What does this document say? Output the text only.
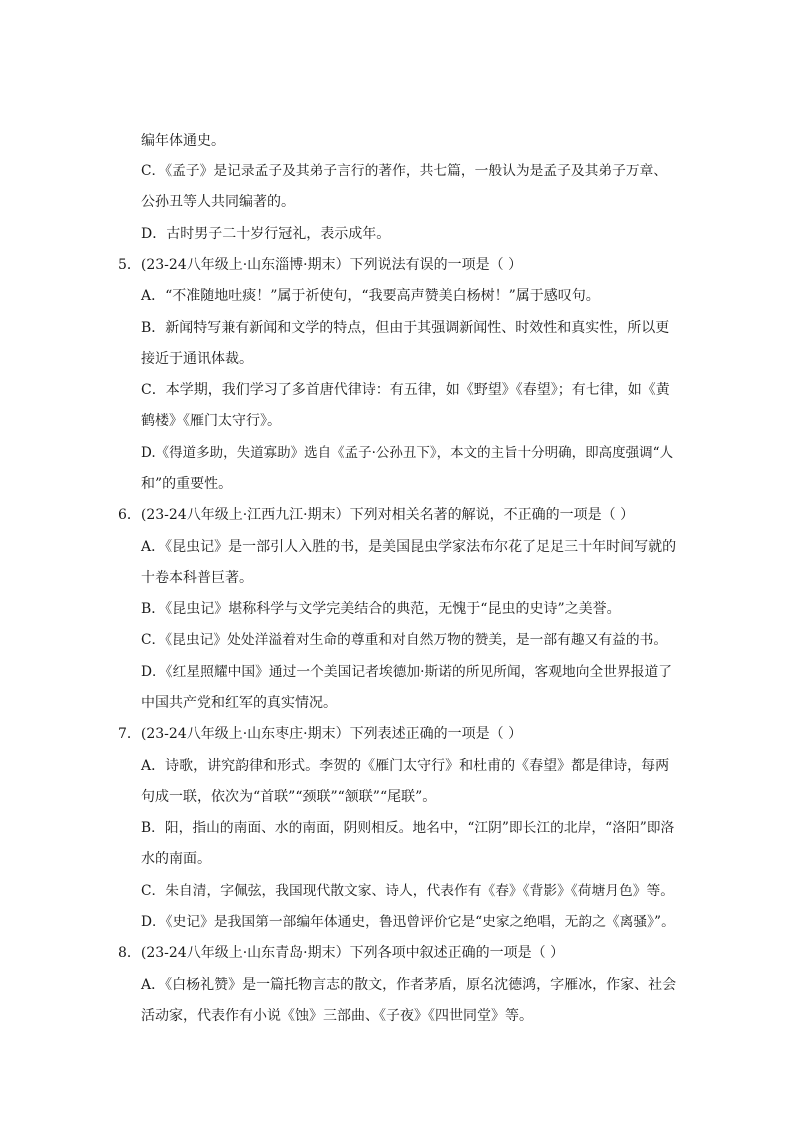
编年体通史。
C．《孟子》是记录孟子及其弟子言行的著作，共七篇，一般认为是孟子及其弟子万章、
公孙丑等人共同编著的。
D．古时男子二十岁行冠礼，表示成年。
5．(23-24八年级上·山东淄博·期末）下列说法有误的一项是（ ）
A．“不准随地吐痰！”属于祈使句，“我要高声赞美白杨树！”属于感叹句。
B．新闻特写兼有新闻和文学的特点，但由于其强调新闻性、时效性和真实性，所以更
接近于通讯体裁。
C．本学期，我们学习了多首唐代律诗：有五律，如《野望》《春望》；有七律，如《黄
鹤楼》《雁门太守行》。
D.《得道多助，失道寡助》选自《孟子·公孙丑下》，本文的主旨十分明确，即高度强调“人
和”的重要性。
6．(23-24八年级上·江西九江·期末）下列对相关名著的解说，不正确的一项是（ ）
A．《昆虫记》是一部引人入胜的书，是美国昆虫学家法布尔花了足足三十年时间写就的
十卷本科普巨著。
B．《昆虫记》堪称科学与文学完美结合的典范，无愧于“昆虫的史诗”之美誉。
C．《昆虫记》处处洋溢着对生命的尊重和对自然万物的赞美，是一部有趣又有益的书。
D．《红星照耀中国》通过一个美国记者埃德加·斯诺的所见所闻，客观地向全世界报道了
中国共产党和红军的真实情况。
7．(23-24八年级上·山东枣庄·期末）下列表述正确的一项是（ ）
A．诗歌，讲究韵律和形式。李贺的《雁门太守行》和杜甫的《春望》都是律诗，每两
句成一联，依次为“首联”“颈联”“颔联”“尾联”。
B．阳，指山的南面、水的南面，阴则相反。地名中，“江阴”即长江的北岸，“洛阳”即洛
水的南面。
C．朱自清，字佩弦，我国现代散文家、诗人，代表作有《春》《背影》《荷塘月色》等。
D．《史记》是我国第一部编年体通史，鲁迅曾评价它是“史家之绝唱，无韵之《离骚》”。
8．(23-24八年级上·山东青岛·期末）下列各项中叙述正确的一项是（ ）
A．《白杨礼赞》是一篇托物言志的散文，作者茅盾，原名沈德鸿，字雁冰，作家、社会
活动家，代表作有小说《蚀》三部曲、《子夜》《四世同堂》等。
